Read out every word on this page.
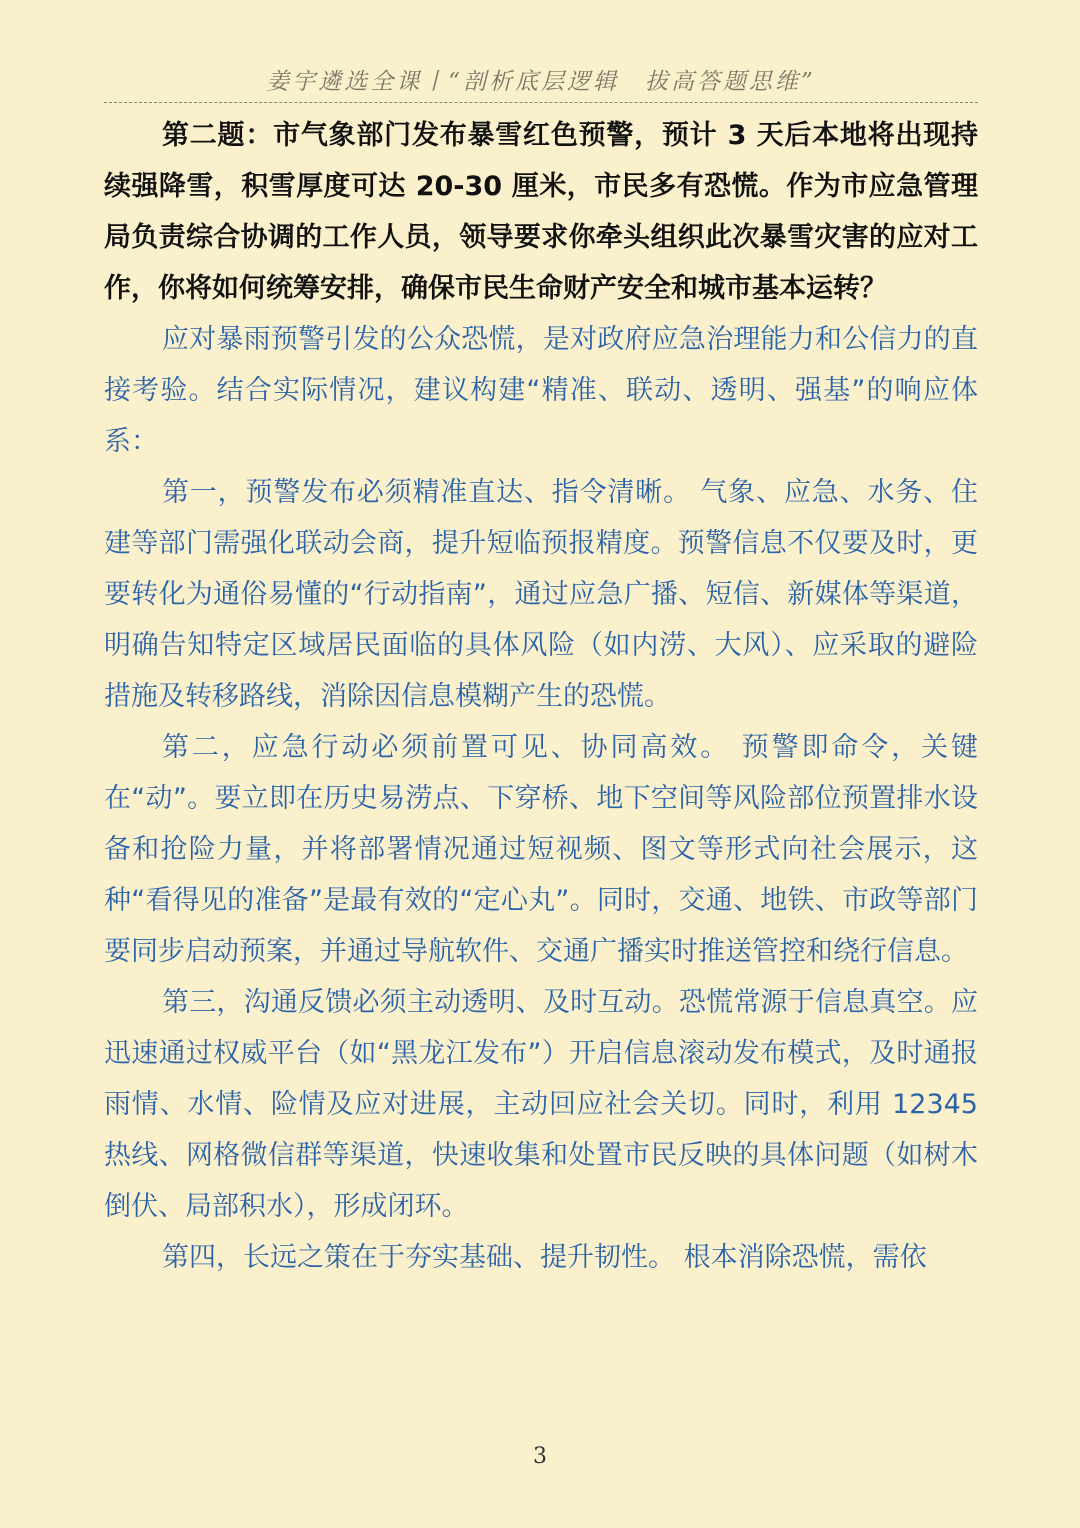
姜宇遴选全课丨“剖析底层逻辑　拔高答题思维”

第二题：市气象部门发布暴雪红色预警，预计 3 天后本地将出现持续强降雪，积雪厚度可达 20-30 厘米，市民多有恐慌。作为市应急管理局负责综合协调的工作人员，领导要求你牵头组织此次暴雪灾害的应对工作，你将如何统筹安排，确保市民生命财产安全和城市基本运转？

应对暴雨预警引发的公众恐慌，是对政府应急治理能力和公信力的直接考验。结合实际情况，建议构建“精准、联动、透明、强基”的响应体系：

第一，预警发布必须精准直达、指令清晰。 气象、应急、水务、住建等部门需强化联动会商，提升短临预报精度。预警信息不仅要及时，更要转化为通俗易懂的“行动指南”，通过应急广播、短信、新媒体等渠道，明确告知特定区域居民面临的具体风险（如内涝、大风）、应采取的避险措施及转移路线，消除因信息模糊产生的恐慌。

第二，应急行动必须前置可见、协同高效。 预警即命令，关键在“动”。要立即在历史易涝点、下穿桥、地下空间等风险部位预置排水设备和抢险力量，并将部署情况通过短视频、图文等形式向社会展示，这种“看得见的准备”是最有效的“定心丸”。同时，交通、地铁、市政等部门要同步启动预案，并通过导航软件、交通广播实时推送管控和绕行信息。

第三，沟通反馈必须主动透明、及时互动。恐慌常源于信息真空。应迅速通过权威平台（如“黑龙江发布”）开启信息滚动发布模式，及时通报雨情、水情、险情及应对进展，主动回应社会关切。同时，利用 12345 热线、网格微信群等渠道，快速收集和处置市民反映的具体问题（如树木倒伏、局部积水），形成闭环。

第四，长远之策在于夯实基础、提升韧性。 根本消除恐慌，需依

3
